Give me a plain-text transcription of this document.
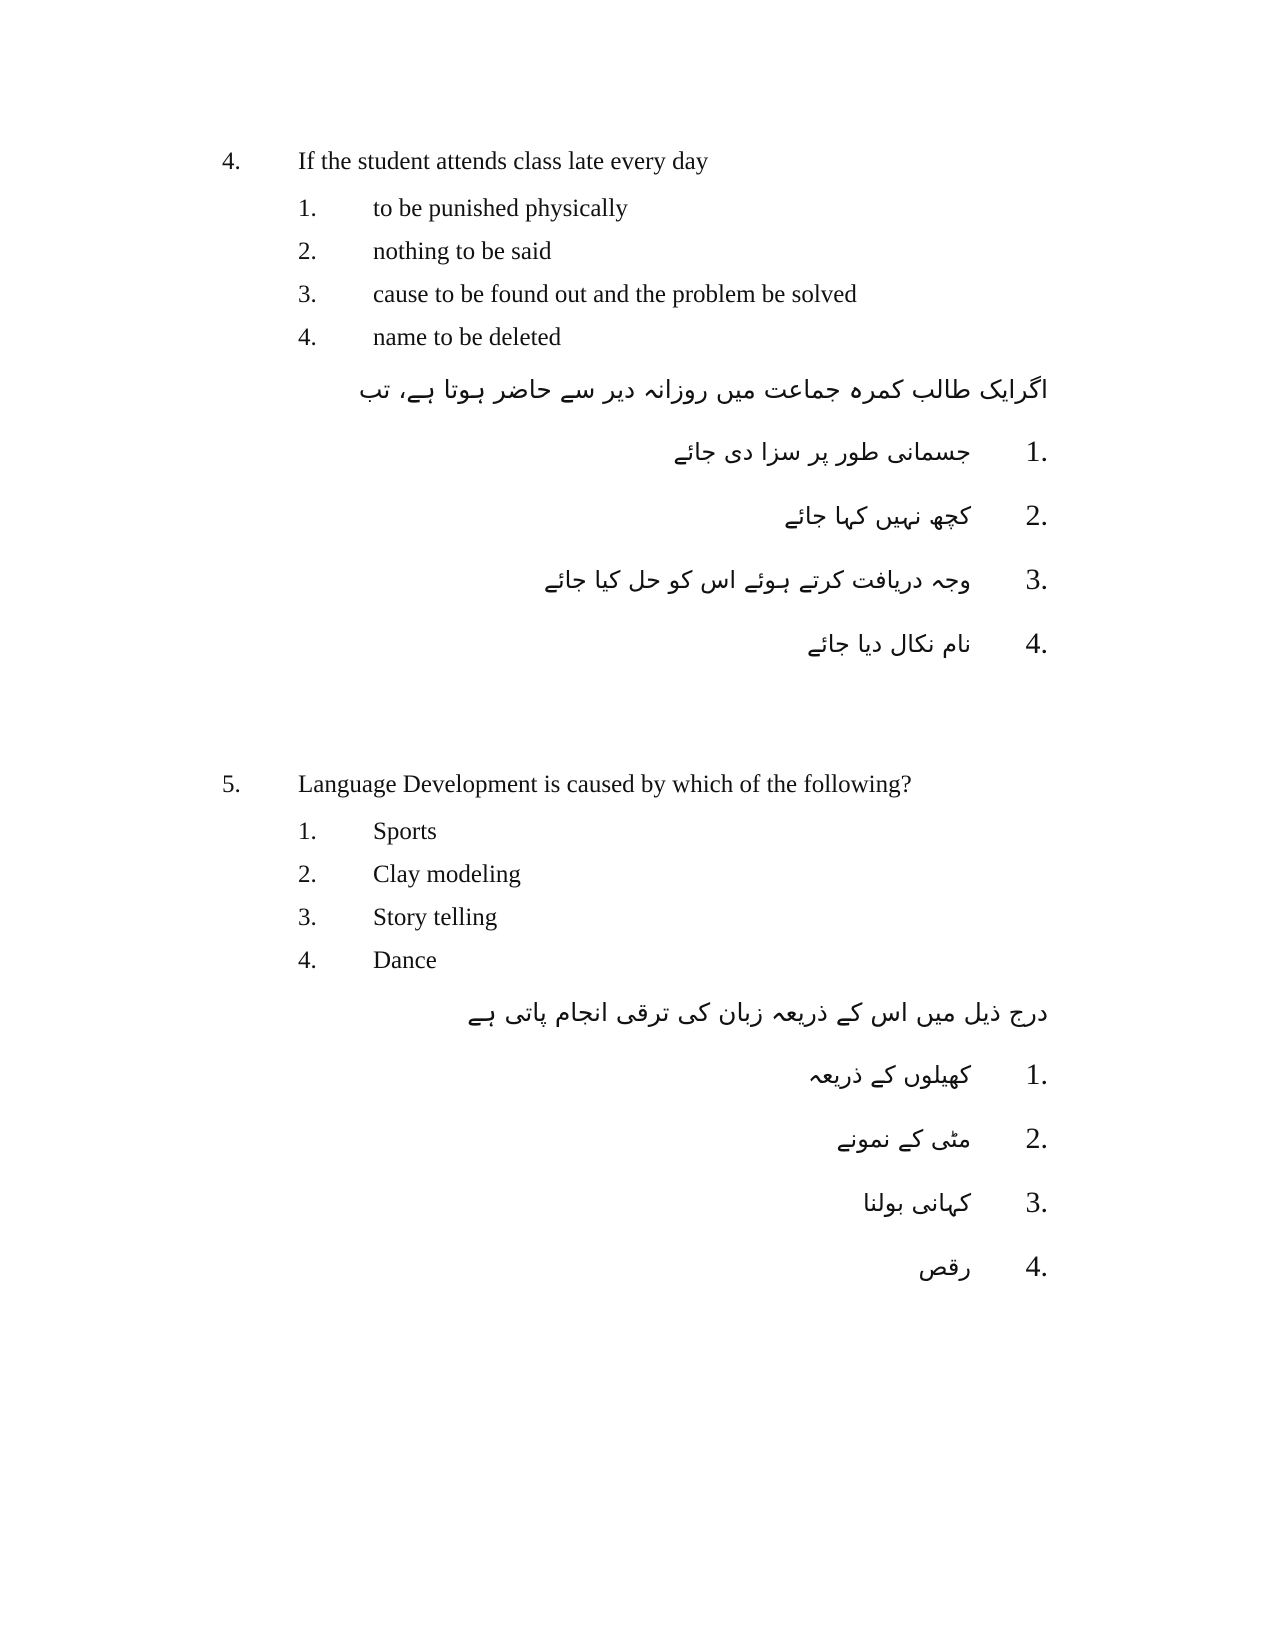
4. If the student attends class late every day
1. to be punished physically
2. nothing to be said
3. cause to be found out and the problem be solved
4. name to be deleted
اگرایک طالب کمرہ جماعت میں روزانہ دیر سے حاضر ہوتا ہے، تب
1.
جسمانی طور پر سزا دی جائے
2.
کچھ نہیں کہا جائے
3.
وجہ دریافت کرتے ہوئے اس کو حل کیا جائے
4.
نام نکال دیا جائے
5. Language Development is caused by which of the following?
1. Sports
2. Clay modeling
3. Story telling
4. Dance
درج ذیل میں اس کے ذریعہ زبان کی ترقی انجام پاتی ہے
1.
کھیلوں کے ذریعہ
2.
مٹی کے نمونے
3.
کہانی بولنا
4.
رقص
